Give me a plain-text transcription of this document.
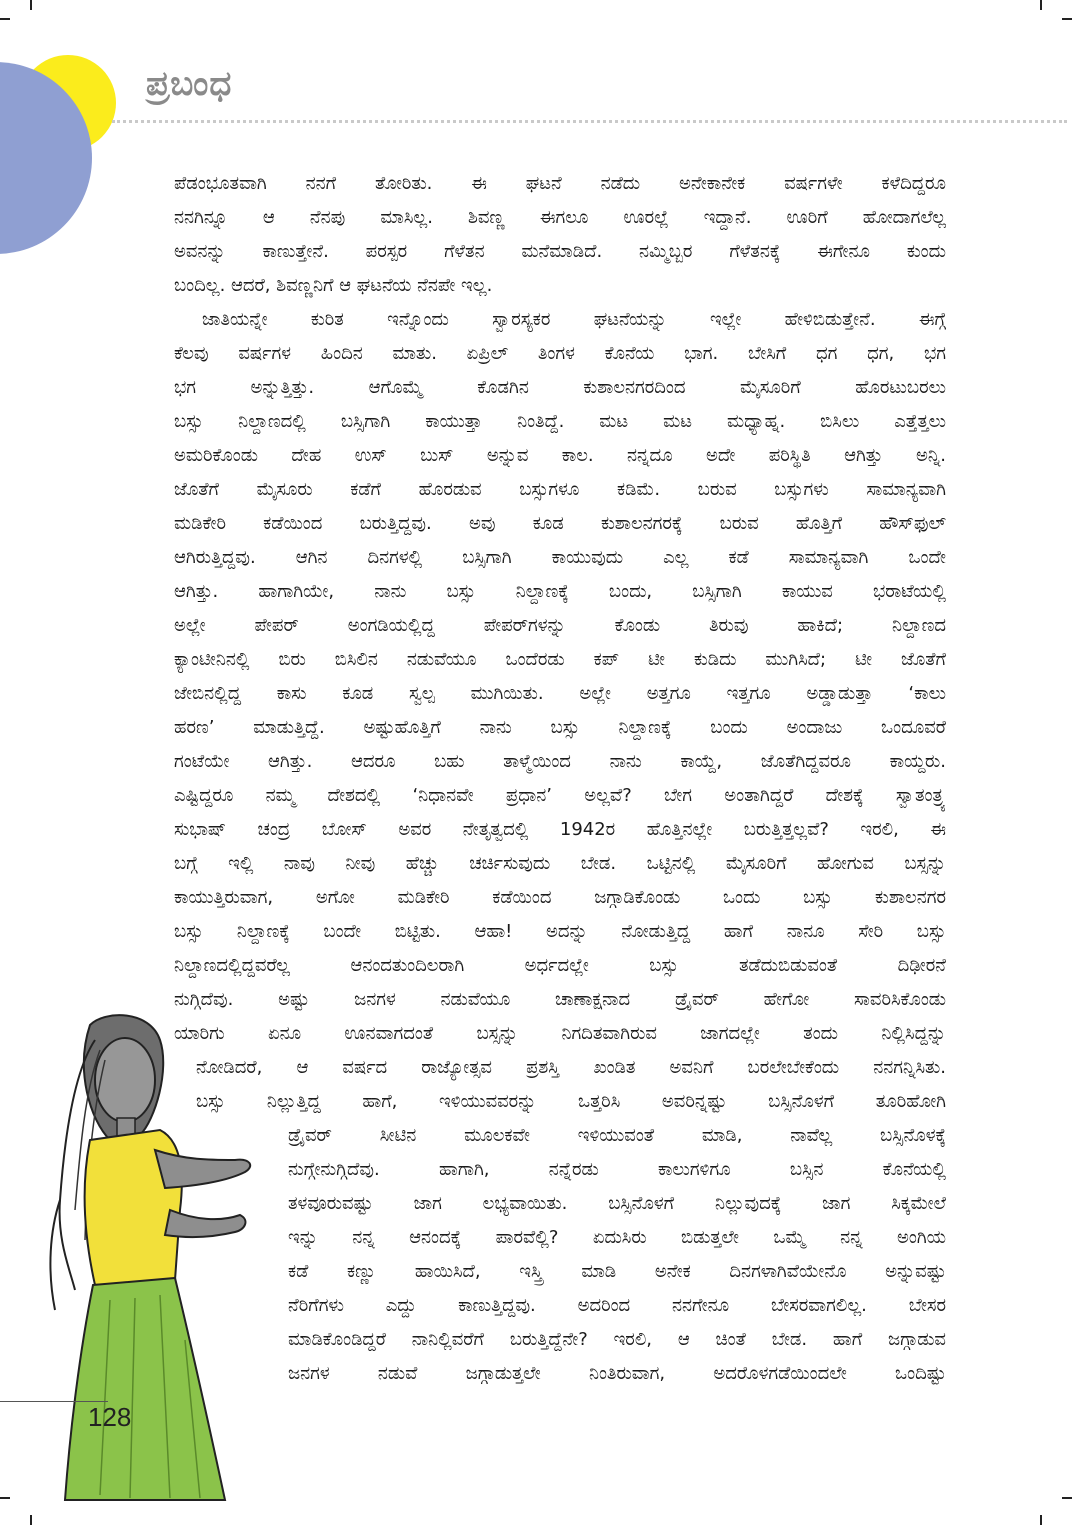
ಪ್ರಬಂಧ
ಪೆಡಂಭೂತವಾಗಿ ನನಗೆ ತೋರಿತು. ಈ ಘಟನೆ ನಡೆದು ಅನೇಕಾನೇಕ ವರ್ಷಗಳೇ ಕಳೆದಿದ್ದರೂ
ನನಗಿನ್ನೂ ಆ ನೆನಪು ಮಾಸಿಲ್ಲ. ಶಿವಣ್ಣ ಈಗಲೂ ಊರಲ್ಲೆ ಇದ್ದಾನೆ. ಊರಿಗೆ ಹೋದಾಗಲೆಲ್ಲ
ಅವನನ್ನು ಕಾಣುತ್ತೇನೆ. ಪರಸ್ಪರ ಗೆಳೆತನ ಮನೆಮಾಡಿದೆ. ನಮ್ಮಿಬ್ಬರ ಗೆಳೆತನಕ್ಕೆ ಈಗೇನೂ ಕುಂದು
ಬಂದಿಲ್ಲ. ಆದರೆ, ಶಿವಣ್ಣನಿಗೆ ಆ ಘಟನೆಯ ನೆನಪೇ ಇಲ್ಲ.
ಜಾತಿಯನ್ನೇ ಕುರಿತ ಇನ್ನೊಂದು ಸ್ವಾರಸ್ಯಕರ ಘಟನೆಯನ್ನು ಇಲ್ಲೇ ಹೇಳಿಬಿಡುತ್ತೇನೆ. ಈಗ್ಗೆ
ಕೆಲವು ವರ್ಷಗಳ ಹಿಂದಿನ ಮಾತು. ಏಪ್ರಿಲ್ ತಿಂಗಳ ಕೊನೆಯ ಭಾಗ. ಬೇಸಿಗೆ ಧಗ ಧಗ, ಭಗ
ಭಗ ಅನ್ನುತ್ತಿತ್ತು. ಆಗೊಮ್ಮೆ ಕೊಡಗಿನ ಕುಶಾಲನಗರದಿಂದ ಮೈಸೂರಿಗೆ ಹೊರಟುಬರಲು
ಬಸ್ಸು ನಿಲ್ದಾಣದಲ್ಲಿ ಬಸ್ಸಿಗಾಗಿ ಕಾಯುತ್ತಾ ನಿಂತಿದ್ದೆ. ಮಟ ಮಟ ಮಧ್ಯಾಹ್ನ. ಬಿಸಿಲು ಎತ್ತೆತ್ತಲು
ಅಮರಿಕೊಂಡು ದೇಹ ಉಸ್ ಬುಸ್ ಅನ್ನುವ ಕಾಲ. ನನ್ನದೂ ಅದೇ ಪರಿಸ್ಥಿತಿ ಆಗಿತ್ತು ಅನ್ನಿ.
ಜೊತೆಗೆ ಮೈಸೂರು ಕಡೆಗೆ ಹೊರಡುವ ಬಸ್ಸುಗಳೂ ಕಡಿಮೆ. ಬರುವ ಬಸ್ಸುಗಳು ಸಾಮಾನ್ಯವಾಗಿ
ಮಡಿಕೇರಿ ಕಡೆಯಿಂದ ಬರುತ್ತಿದ್ದವು. ಅವು ಕೂಡ ಕುಶಾಲನಗರಕ್ಕೆ ಬರುವ ಹೊತ್ತಿಗೆ ಹೌಸ್‌ಫುಲ್
ಆಗಿರುತ್ತಿದ್ದವು. ಆಗಿನ ದಿನಗಳಲ್ಲಿ ಬಸ್ಸಿಗಾಗಿ ಕಾಯುವುದು ಎಲ್ಲ ಕಡೆ ಸಾಮಾನ್ಯವಾಗಿ ಒಂದೇ
ಆಗಿತ್ತು. ಹಾಗಾಗಿಯೇ, ನಾನು ಬಸ್ಸು ನಿಲ್ದಾಣಕ್ಕೆ ಬಂದು, ಬಸ್ಸಿಗಾಗಿ ಕಾಯುವ ಭರಾಟೆಯಲ್ಲಿ
ಅಲ್ಲೇ ಪೇಪರ್ ಅಂಗಡಿಯಲ್ಲಿದ್ದ ಪೇಪರ್‌ಗಳನ್ನು ಕೊಂಡು ತಿರುವು ಹಾಕಿದೆ; ನಿಲ್ದಾಣದ
ಕ್ಯಾಂಟೀನಿನಲ್ಲಿ ಬಿರು ಬಿಸಿಲಿನ ನಡುವೆಯೂ ಒಂದೆರಡು ಕಪ್ ಟೀ ಕುಡಿದು ಮುಗಿಸಿದೆ; ಟೀ ಜೊತೆಗೆ
ಜೇಬಿನಲ್ಲಿದ್ದ ಕಾಸು ಕೂಡ ಸ್ವಲ್ಪ ಮುಗಿಯಿತು. ಅಲ್ಲೇ ಅತ್ತಗೂ ಇತ್ತಗೂ ಅಡ್ಡಾಡುತ್ತಾ ‘ಕಾಲು
ಹರಣ’ ಮಾಡುತ್ತಿದ್ದೆ. ಅಷ್ಟುಹೊತ್ತಿಗೆ ನಾನು ಬಸ್ಸು ನಿಲ್ದಾಣಕ್ಕೆ ಬಂದು ಅಂದಾಜು ಒಂದೂವರೆ
ಗಂಟೆಯೇ ಆಗಿತ್ತು. ಆದರೂ ಬಹು ತಾಳ್ಮೆಯಿಂದ ನಾನು ಕಾಯ್ದೆ, ಜೊತೆಗಿದ್ದವರೂ ಕಾಯ್ದರು.
ಎಷ್ಟಿದ್ದರೂ ನಮ್ಮ ದೇಶದಲ್ಲಿ ‘ನಿಧಾನವೇ ಪ್ರಧಾನ’ ಅಲ್ಲವೆ? ಬೇಗ ಅಂತಾಗಿದ್ದರೆ ದೇಶಕ್ಕೆ ಸ್ವಾತಂತ್ರ್ಯ
ಸುಭಾಷ್ ಚಂದ್ರ ಬೋಸ್ ಅವರ ನೇತೃತ್ವದಲ್ಲಿ 1942ರ ಹೊತ್ತಿನಲ್ಲೇ ಬರುತ್ತಿತ್ತಲ್ಲವೆ? ಇರಲಿ, ಈ
ಬಗ್ಗೆ ಇಲ್ಲಿ ನಾವು ನೀವು ಹೆಚ್ಚು ಚರ್ಚಿಸುವುದು ಬೇಡ. ಒಟ್ಟಿನಲ್ಲಿ ಮೈಸೂರಿಗೆ ಹೋಗುವ ಬಸ್ಸನ್ನು
ಕಾಯುತ್ತಿರುವಾಗ, ಅಗೋ ಮಡಿಕೇರಿ ಕಡೆಯಿಂದ ಜಗ್ಗಾಡಿಕೊಂಡು ಒಂದು ಬಸ್ಸು ಕುಶಾಲನಗರ
ಬಸ್ಸು ನಿಲ್ದಾಣಕ್ಕೆ ಬಂದೇ ಬಿಟ್ಟಿತು. ಆಹಾ! ಅದನ್ನು ನೋಡುತ್ತಿದ್ದ ಹಾಗೆ ನಾನೂ ಸೇರಿ ಬಸ್ಸು
ನಿಲ್ದಾಣದಲ್ಲಿದ್ದವರೆಲ್ಲ ಆನಂದತುಂದಿಲರಾಗಿ ಅರ್ಧದಲ್ಲೇ ಬಸ್ಸು ತಡೆದುಬಿಡುವಂತೆ ದಿಢೀರನೆ
ನುಗ್ಗಿದೆವು. ಅಷ್ಟು ಜನಗಳ ನಡುವೆಯೂ ಚಾಣಾಕ್ಷನಾದ ಡ್ರೈವರ್ ಹೇಗೋ ಸಾವರಿಸಿಕೊಂಡು
ಯಾರಿಗು ಏನೂ ಊನವಾಗದಂತೆ ಬಸ್ಸನ್ನು ನಿಗದಿತವಾಗಿರುವ ಜಾಗದಲ್ಲೇ ತಂದು ನಿಲ್ಲಿಸಿದ್ದನ್ನು
ನೋಡಿದರೆ, ಆ ವರ್ಷದ ರಾಜ್ಯೋತ್ಸವ ಪ್ರಶಸ್ತಿ ಖಂಡಿತ ಅವನಿಗೆ ಬರಲೇಬೇಕೆಂದು ನನಗನ್ನಿಸಿತು.
ಬಸ್ಸು ನಿಲ್ಲುತ್ತಿದ್ದ ಹಾಗೆ, ಇಳಿಯುವವರನ್ನು ಒತ್ತರಿಸಿ ಅವರಿನ್ನಷ್ಟು ಬಸ್ಸಿನೊಳಗೆ ತೂರಿಹೋಗಿ
ಡ್ರೈವರ್ ಸೀಟಿನ ಮೂಲಕವೇ ಇಳಿಯುವಂತೆ ಮಾಡಿ, ನಾವೆಲ್ಲ ಬಸ್ಸಿನೊಳಕ್ಕೆ
ನುಗ್ಗೇನುಗ್ಗಿದೆವು. ಹಾಗಾಗಿ, ನನ್ನೆರಡು ಕಾಲುಗಳಿಗೂ ಬಸ್ಸಿನ ಕೊನೆಯಲ್ಲಿ
ತಳವೂರುವಷ್ಟು ಜಾಗ ಲಭ್ಯವಾಯಿತು. ಬಸ್ಸಿನೊಳಗೆ ನಿಲ್ಲುವುದಕ್ಕೆ ಜಾಗ ಸಿಕ್ಕಮೇಲೆ
ಇನ್ನು ನನ್ನ ಆನಂದಕ್ಕೆ ಪಾರವೆಲ್ಲಿ? ಏದುಸಿರು ಬಿಡುತ್ತಲೇ ಒಮ್ಮೆ ನನ್ನ ಅಂಗಿಯ
ಕಡೆ ಕಣ್ಣು ಹಾಯಿಸಿದೆ, ಇಸ್ತ್ರಿ ಮಾಡಿ ಅನೇಕ ದಿನಗಳಾಗಿವೆಯೇನೊ ಅನ್ನುವಷ್ಟು
ನೆರಿಗೆಗಳು ಎದ್ದು ಕಾಣುತ್ತಿದ್ದವು. ಅದರಿಂದ ನನಗೇನೂ ಬೇಸರವಾಗಲಿಲ್ಲ. ಬೇಸರ
ಮಾಡಿಕೊಂಡಿದ್ದರೆ ನಾನಿಲ್ಲಿವರೆಗೆ ಬರುತ್ತಿದ್ದೆನೇ? ಇರಲಿ, ಆ ಚಿಂತೆ ಬೇಡ. ಹಾಗೆ ಜಗ್ಗಾಡುವ
ಜನಗಳ ನಡುವೆ ಜಗ್ಗಾಡುತ್ತಲೇ ನಿಂತಿರುವಾಗ, ಅದರೊಳಗಡೆಯಿಂದಲೇ ಒಂದಿಷ್ಟು
128
